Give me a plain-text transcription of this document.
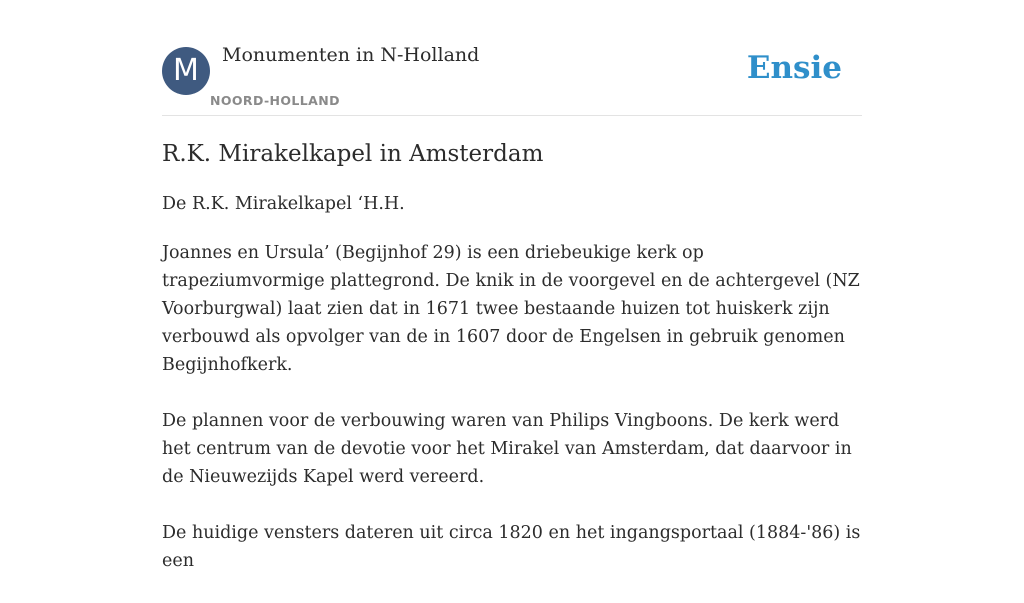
M	Monumenten in N-Holland
NOORD-HOLLAND
Ensie
R.K. Mirakelkapel in Amsterdam

De R.K. Mirakelkapel ‘H.H.

Joannes en Ursula’ (Begijnhof 29) is een driebeukige kerk op trapeziumvormige plattegrond. De knik in de voorgevel en de achtergevel (NZ Voorburgwal) laat zien dat in 1671 twee bestaande huizen tot huiskerk zijn verbouwd als opvolger van de in 1607 door de Engelsen in gebruik genomen Begijnhofkerk.

De plannen voor de verbouwing waren van Philips Vingboons. De kerk werd het centrum van de devotie voor het Mirakel van Amsterdam, dat daarvoor in de Nieuwezijds Kapel werd vereerd.

De huidige vensters dateren uit circa 1820 en het ingangsportaal (1884-'86) is een
